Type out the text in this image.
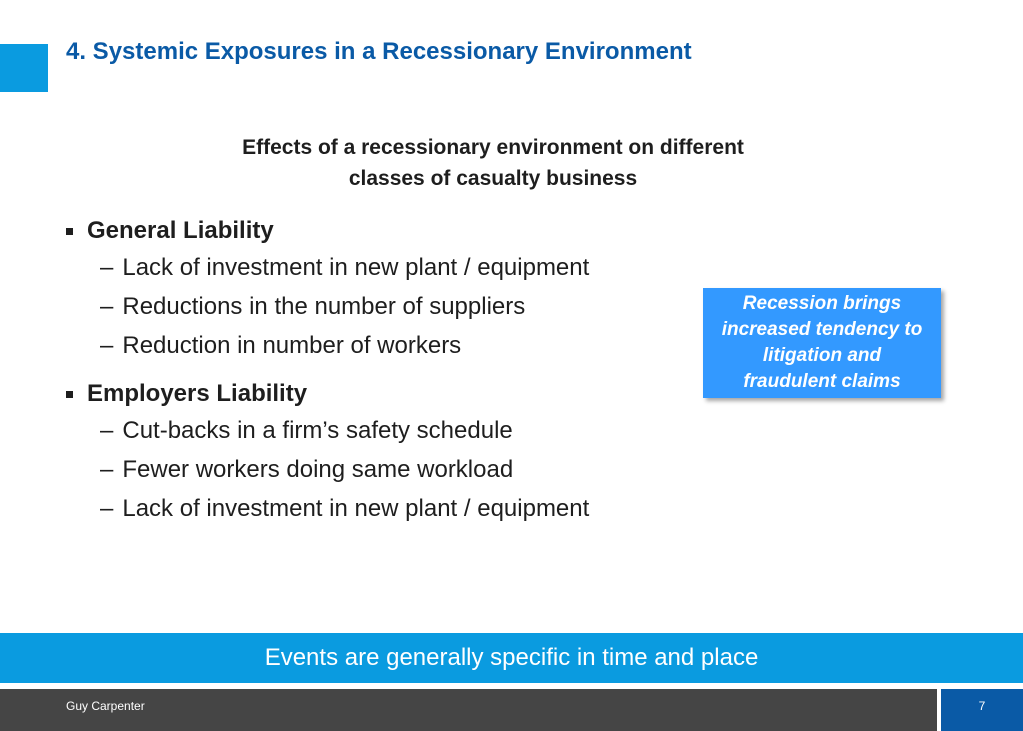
4. Systemic Exposures in a Recessionary Environment
Effects of a recessionary environment on different
classes of casualty business
General Liability
– Lack of investment in new plant / equipment
– Reductions in the number of suppliers
– Reduction in number of workers
Employers Liability
– Cut-backs in a firm’s safety schedule
– Fewer workers doing same workload
– Lack of investment in new plant / equipment
Recession brings increased tendency to litigation and fraudulent claims
Events are generally specific in time and place
Guy Carpenter	7
